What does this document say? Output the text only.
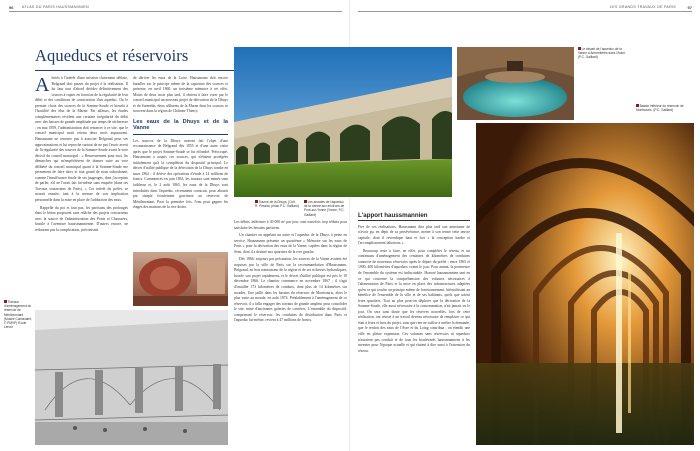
96 ATLAS DU PARIS HAUSSMANNIEN	LES GRANDS TRAVAUX DE PARIS	97
Aqueducs et réservoirs

Alertés à l'intérêt d'une mission clairement définie, Belgrand doit passer du projet à la réalisation. Il lui faut tout d'abord décider définitivement des sources à capter en fonction de la régularité de leur débit et des conditions de construction d'un aqueduc. On le premier choix des sources de la Somme-Soude et bientôt à l'hostilité des élus de la Marne. Par ailleurs, les études complémentaires révèlent une certaine irrégularité du débit avec des baisses de grande amplitude par temps de sécheresse ; en mai 1859, l'administration doit renoncer à ce site, que le conseil municipal avait retenu deux mois auparavant. Haussmann ne renonce pas à associer Belgrand pour ses approximations et lui reproche surtout de ne pas l'avoir averti de l'irrégularité des sources de la Somme-Soude avant le vote décisif du conseil municipal : « Heureusement pour moi, les démarches qui m'empêchèrent de donner suite au vote délibéré du conseil municipal quant à la Somme-Soude me permettent de faire alors et tout grand de nous subordonné, comme l'insuffisance finale de ses jaugeages, dont j'acceptais de parler, n'il ne l'avait fait lui-même sans enquête (dans ses Travaux souterrains de Paris). » Cet intérêt du préfet, se nourrit ensuite, tant à la mesure de son implication personnelle dans la mise en place de l'adduction des eaux.

Rappelle du pot et faut pas, les partisans des prolongés dans le bâton proposent sans relâche des projets concurrents avec la source de l'administration des Ponts et Chaussées, hostile à l'aventure haussmannienne. D'autres encore, ne redoutent pas la complication, préconisent

de dériver les eaux de la Loire. Haussmann doit encore batailler sur le principe même de la captation des sources et présente, en avril 1860, un troisième mémoire à cet effet. Moins de deux mois plus tard, il obtient à faire voter par le conseil municipal un nouveau projet de dérivation de la Dhuys et du Surmelin, deux affluents de la Marne dont les sources se trouvent dans la région de Château-Thierry.

Les eaux de la Dhuys et de la Vanne

Les sources de la Dhuys avaient fait l'objet d'une reconnaissance de Belgrand dès 1855 et d'une autre visite après que le projet Somme-Soude se fut effondré. Préoccupé, Haussmann a acquis ces sources, qui n'étaient protégées initialement qu'à la complétion du dispositif principal. Le décret d'utilité publique de la dérivation de la Dhuys tombe en mars 1862 ; il dérive des opérations d'étude à 14 millions de francs. Commencés en juin 1863, les travaux sont menés sans faiblesse et, le 2 août 1865, les eaux de la Dhuys sont introduites dans l'aqueduc, récemment construit, pour aboutir par simple écoulement gravitaire au réservoir de Ménilmontant. Pour la première fois, l'eau peut gagner les étages des maisons de la rive droite.

Travaux d'aménagement du réservoir de Ménilmontant (Musée Carnavalet, © PMVP) Ecole Lenoir
Source de la Dhuys, (Coll. R. Pessiot, photo P.C. Gaillard)
Les arcades de l'aqueduc de la Vanne aux environs de Pont-sur-Yonne (Yonne, P.C. Gaillard)

Les débits, inférieurs à 30 000 m³ par jour, sont toutefois trop réduits pour satisfaire les besoins parisiens.

Un chantier en appelant un autre et l'aqueduc de la Dhuys à peine en service, Haussmann présente un quatrième « Mémoire sur les eaux de Paris » pour la dérivation des eaux de la Vanne, captées dans la région de Sens, dont il a destiné aux quartiers de la rive gauche.

Dès 1866, toujours par précaution, les sources de la Vanne avaient été acquises par la ville de Paris sur la recommandation d'Haussmann. Belgrand, en bon connaisseur de la région et de ses richesses hydrauliques, boucle son projet rapidement, et le décret d'utilité publique est pris le 19 décembre 1866. Le chantier commence en novembre 1867 ; il s'agit d'installer 173 kilomètres de conduits, dont plus de 14 kilomètres sur arcades. Une jaillit dans les bassins du réservoir de Montsouris, alors le plus vaste au monde, en août 1874. Préalablement à l'aménagement de ce réservoir, il a fallu engager des travaux de grande ampleur pour consolider le site, miné d'anciennes galeries de carrières. L'ensemble du dispositif, comprenant le réservoir, les conduites de distribution dans Paris et l'aqueduc lui-même, revient à 47 millions de francs.

Le départ de l'aqueduc de la Vanne à Armentières dans l'Aube. (P.C. Gaillard)
Bassin inférieur du réservoir de Montsouris. (P.C. Gaillard)
L'apport haussmannien

Fier de ces réalisations, Haussmann dira plus tard son amertume de n'avoir pu, en dépit de sa persévérance, mener à son terme cette œuvre capitale, dont il revendique haut et fort « la conception hardie et l'accomplissement laborieux ».

Beaucoup reste à faire, en effet, pour compléter le réseau, et un continuum d'aménagement des centaines de kilomètres de conduites connecte de nouveaux réservoirs après le départ du préfet ; entre 1865 et 1900, 400 kilomètres d'aqueducs voient le jour. Pour autant, la pertinence de l'ensemble du système est indiscutable. Honoré haussmannien tant en ce qui concerne la compréhension des volumes nécessaires à l'alimentation de Paris et la mise en place des infrastructures adaptées qu'en ce qui touche au principe même de fonctionnement, hiérarchisant au bénéfice de l'ensemble de la ville et de ses habitants, quels que soient leurs quartiers. Tout au plus peut-on déplorer que la dérivation de la Somme-Soude, elle aussi nécessaire à la consommation, n'ait jamais vu le jour. On sera sans doute que les réserves nouvelles, lors de cette réalisation, ont résisté à un travail devenu nécessaire de remplacer ce qui était à leurs et hors du projet, sans que rien ne suffise à arrêter la demande, que le renfort des eaux de l'Avre et du Loing contribua ; on étendit une ville en pleine expansion. Ces volumes sans réservoirs ni aqueducs n'auraient pas conduit et de tous les boulevards haussmanniens à les inventer pour l'époque actuelle et qui étaient à dire aussi à l'extension du réseau.
